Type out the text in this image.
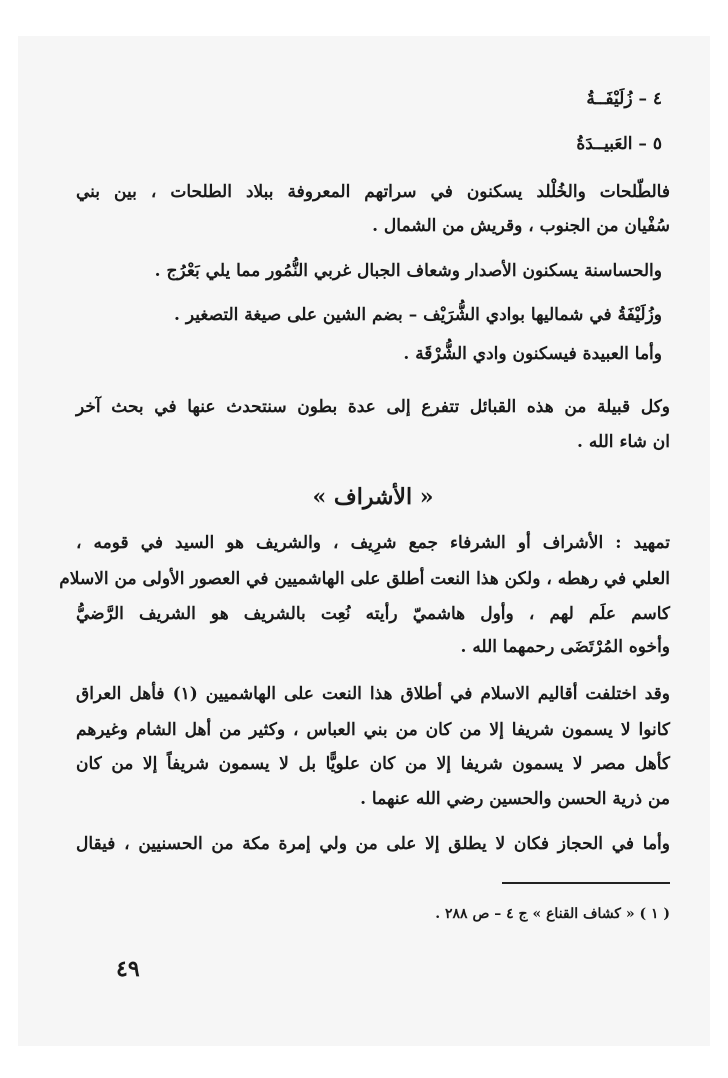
٤ – زُلَيْفَــةُ
٥ – العَبيــدَةُ
فالطّلحات والخُلْلد يسكنون في سراتهم المعروفة ببلاد الطلحات ، بين بني
سُفْيان من الجنوب ، وقريش من الشمال .
والحساسنة يسكنون الأصدار وشعاف الجبال غربي النُّمُور مما يلي بَعْرُج .
وزُلَيْفَةُ في شماليها بوادي الشُّرَيْف – بضم الشين على صيغة التصغير .
وأما العبيدة فيسكنون وادي الشُّرْقَة .
وكل قبيلة من هذه القبائل تتفرع إلى عدة بطون سنتحدث عنها في بحث آخر
ان شاء الله .
« الأشراف »
تمهيد : الأشراف أو الشرفاء جمع شرِيف ، والشريف هو السيد في قومه ،
العلي في رهطه ، ولكن هذا النعت أطلق على الهاشميين في العصور الأولى من الاسلام
كاسم علَم لهم ، وأول هاشميّ رأيته نُعِت بالشريف هو الشريف الرَّضيُّ
وأخوه المُرْتَضَى رحمهما الله .
وقد اختلفت أقاليم الاسلام في أطلاق هذا النعت على الهاشميين (١) فأهل العراق
كانوا لا يسمون شريفا إلا من كان من بني العباس ، وكثير من أهل الشام وغيرهم
كأهل مصر لا يسمون شريفا إلا من كان علويًّا بل لا يسمون شريفاً إلا من كان
من ذرية الحسن والحسين رضي الله عنهما .
وأما في الحجاز فكان لا يطلق إلا على من ولي إمرة مكة من الحسنيين ، فيقال
( ١ ) « كشاف القناع » ج ٤ – ص ٢٨٨ .
٤٩
